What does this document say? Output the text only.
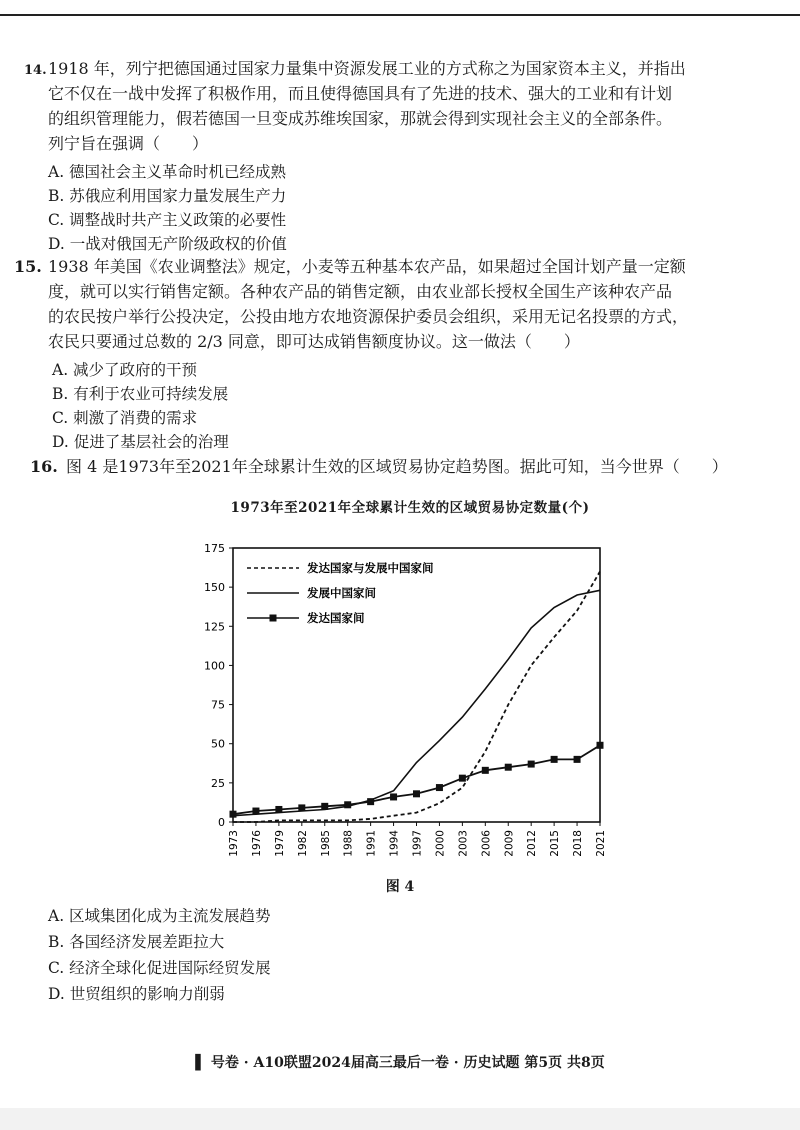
14. 1918 年，列宁把德国通过国家力量集中资源发展工业的方式称之为国家资本主义，并指出
它不仅在一战中发挥了积极作用，而且使得德国具有了先进的技术、强大的工业和有计划
的组织管理能力，假若德国一旦变成苏维埃国家，那就会得到实现社会主义的全部条件。
列宁旨在强调（　　）
A. 德国社会主义革命时机已经成熟
B. 苏俄应利用国家力量发展生产力
C. 调整战时共产主义政策的必要性
D. 一战对俄国无产阶级政权的价值
15. 1938 年美国《农业调整法》规定，小麦等五种基本农产品，如果超过全国计划产量一定额
度，就可以实行销售定额。各种农产品的销售定额，由农业部长授权全国生产该种农产品
的农民按户举行公投决定，公投由地方农地资源保护委员会组织，采用无记名投票的方式，
农民只要通过总数的 2/3 同意，即可达成销售额度协议。这一做法（　　）
A. 减少了政府的干预
B. 有利于农业可持续发展
C. 刺激了消费的需求
D. 促进了基层社会的治理
16. 图 4 是1973年至2021年全球累计生效的区域贸易协定趋势图。据此可知，当今世界（　　）
1973年至2021年全球累计生效的区域贸易协定数量(个)
0
25
50
75
100
125
150
175
1973 1976 1979 1982 1985 1988 1991 1994 1997 2000 2003 2006 2009 2012 2015 2018 2021
发达国家与发展中国家间
发展中国家间
发达国家间
图 4
A. 区域集团化成为主流发展趋势
B. 各国经济发展差距拉大
C. 经济全球化促进国际经贸发展
D. 世贸组织的影响力削弱
▌ 号卷 · A10联盟2024届高三最后一卷 · 历史试题 第5页 共8页
